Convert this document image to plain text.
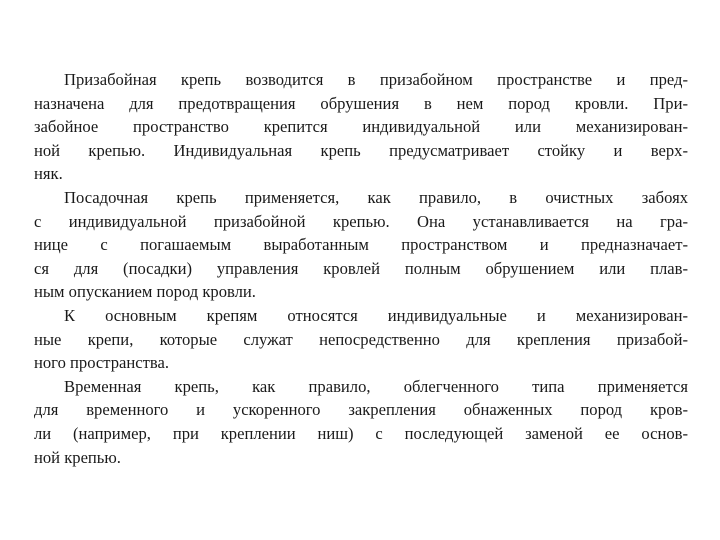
Призабойная крепь возводится в призабойном пространстве и пред-
назначена для предотвращения обрушения в нем пород кровли. При-
забойное пространство крепится индивидуальной или механизирован-
ной крепью. Индивидуальная крепь предусматривает стойку и верх-
няк.

Посадочная крепь применяется, как правило, в очистных забоях
с индивидуальной призабойной крепью. Она устанавливается на гра-
нице с погашаемым выработанным пространством и предназначает-
ся для (посадки) управления кровлей полным обрушением или плав-
ным опусканием пород кровли.

К основным крепям относятся индивидуальные и механизирован-
ные крепи, которые служат непосредственно для крепления призабой-
ного пространства.

Временная крепь, как правило, облегченного типа применяется
для временного и ускоренного закрепления обнаженных пород кров-
ли (например, при креплении ниш) с последующей заменой ее основ-
ной крепью.
